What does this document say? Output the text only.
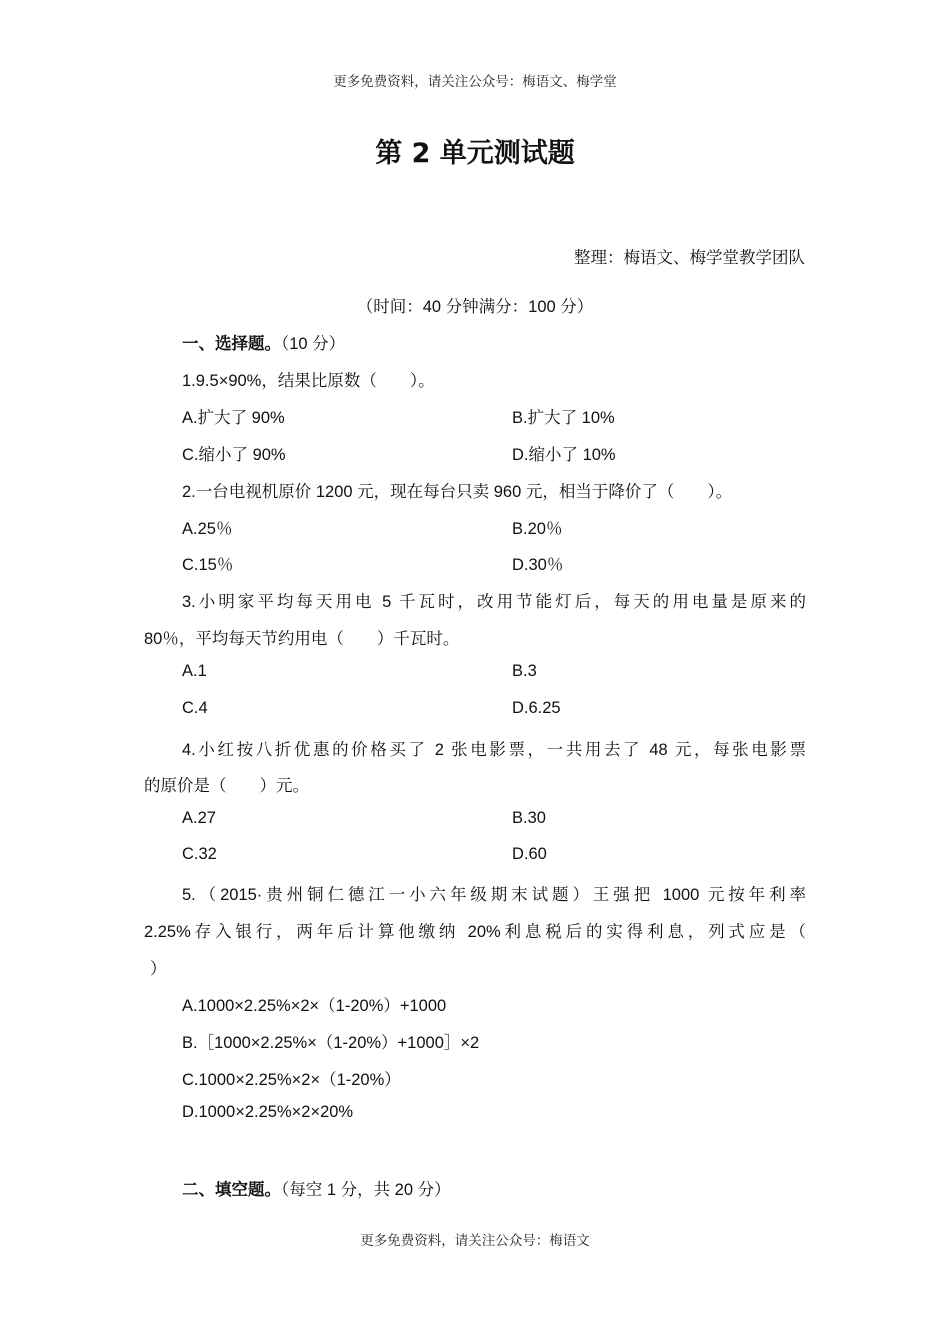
更多免费资料，请关注公众号：梅语文、梅学堂
第 2 单元测试题
整理：梅语文、梅学堂教学团队
（时间：40 分钟满分：100 分）
一、选择题。（10 分）
1.9.5×90%，结果比原数（　　）。
A.扩大了 90%	B.扩大了 10%
C.缩小了 90%	D.缩小了 10%
2.一台电视机原价 1200 元，现在每台只卖 960 元，相当于降价了（　　）。
A.25％	B.20％
C.15％	D.30％
3.小明家平均每天用电 5 千瓦时，改用节能灯后，每天的用电量是原来的
80％，平均每天节约用电（　　）千瓦时。
A.1	B.3
C.4	D.6.25
4.小红按八折优惠的价格买了 2 张电影票，一共用去了 48 元，每张电影票
的原价是（　　）元。
A.27	B.30
C.32	D.60
5.（2015·贵州铜仁德江一小六年级期末试题）王强把 1000 元按年利率
2.25%存入银行，两年后计算他缴纳 20%利息税后的实得利息，列式应是（
）
A.1000×2.25%×2×（1-20%）+1000
B.［1000×2.25%×（1-20%）+1000］×2
C.1000×2.25%×2×（1-20%）
D.1000×2.25%×2×20%
二、填空题。（每空 1 分，共 20 分）
更多免费资料，请关注公众号：梅语文
